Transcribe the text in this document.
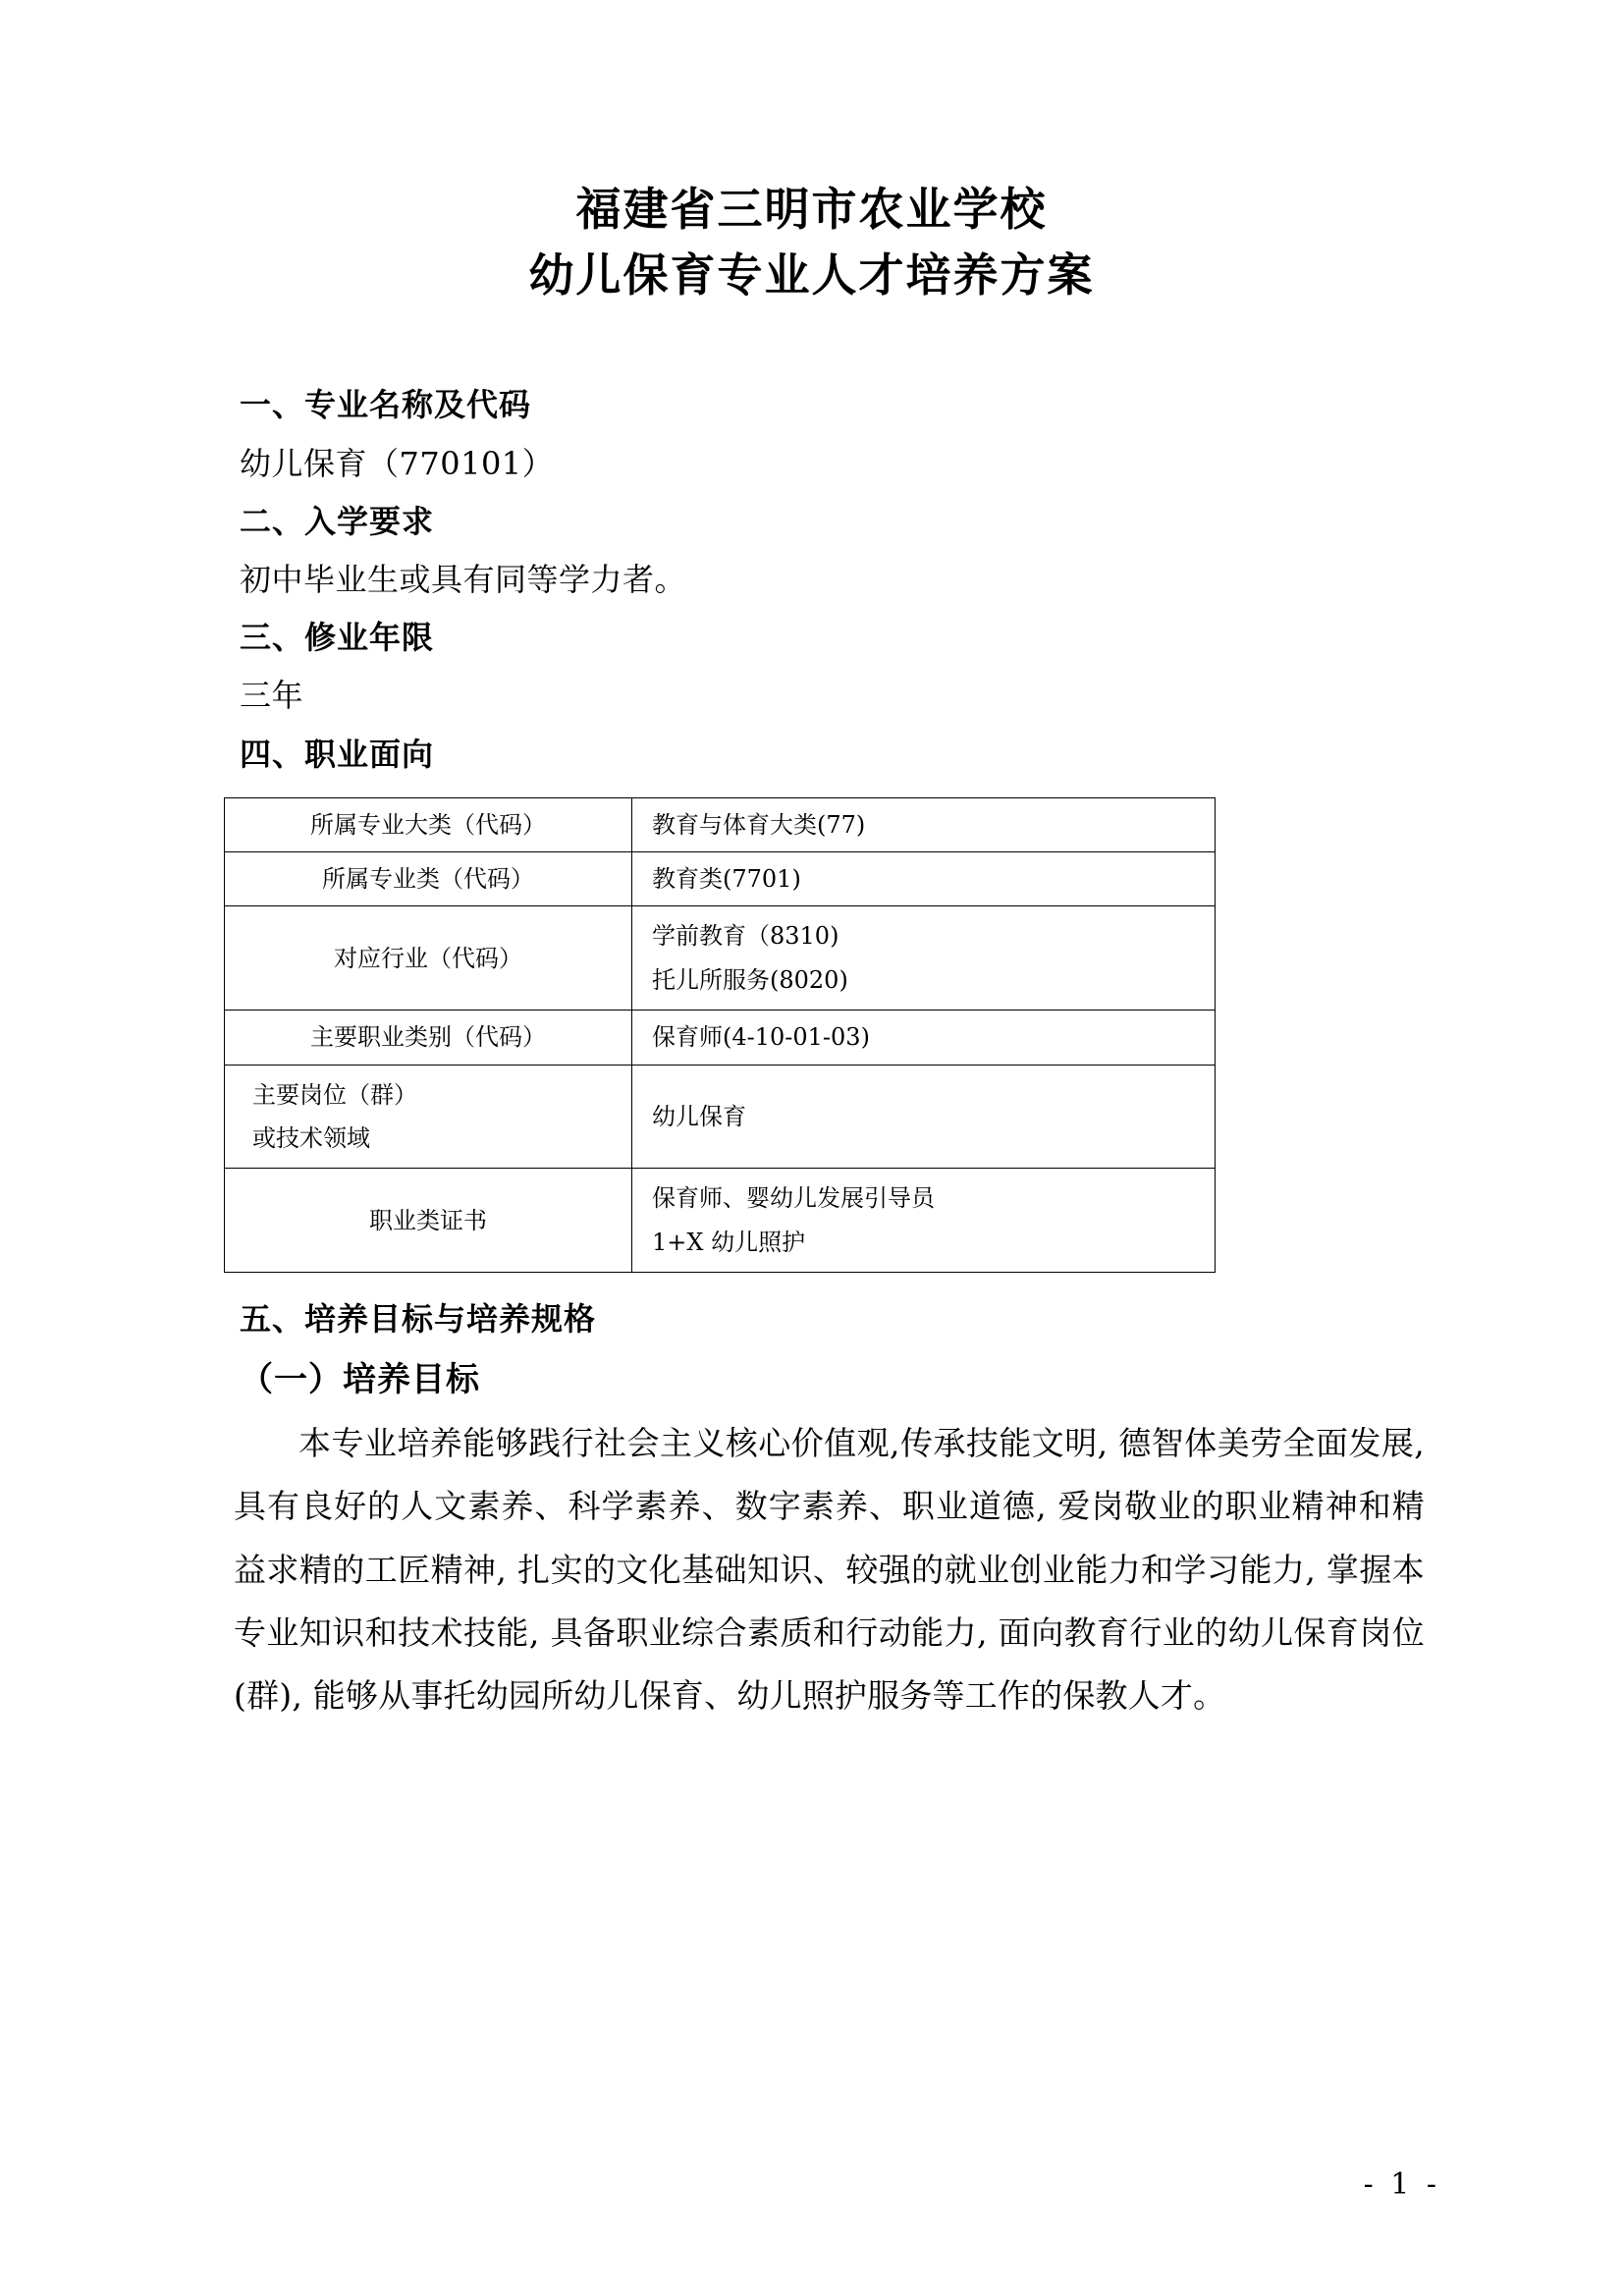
福建省三明市农业学校
幼儿保育专业人才培养方案
一、专业名称及代码
幼儿保育（770101）
二、入学要求
初中毕业生或具有同等学力者。
三、修业年限
三年
四、职业面向
所属专业大类（代码）	教育与体育大类(77)
所属专业类（代码）	教育类(7701)
对应行业（代码）	学前教育（8310)
托儿所服务(8020)

主要职业类别（代码）	保育师(4-10-01-03)

主要岗位（群）
或技术领域	幼儿保育
职业类证书	保育师、婴幼儿发展引导员
1+X 幼儿照护
五、培养目标与培养规格
（一）培养目标
本专业培养能够践行社会主义核心价值观,传承技能文明, 德智体美劳全面发展, 具有良好的人文素养、科学素养、数字素养、职业道德, 爱岗敬业的职业精神和精益求精的工匠精神, 扎实的文化基础知识、较强的就业创业能力和学习能力, 掌握本专业知识和技术技能, 具备职业综合素质和行动能力, 面向教育行业的幼儿保育岗位(群), 能够从事托幼园所幼儿保育、幼儿照护服务等工作的保教人才。
- 1 -
